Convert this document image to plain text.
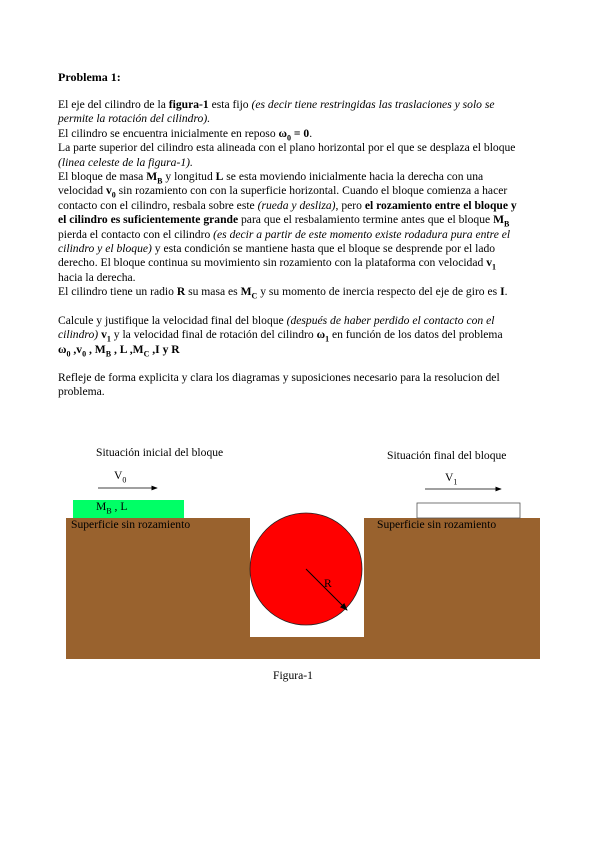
Problema 1:

El eje del cilindro de la figura-1 esta fijo (es decir tiene restringidas las traslaciones y solo se permite la rotación del cilindro).

El cilindro se encuentra inicialmente en reposo $\omega_0 = 0$.

La parte superior del cilindro esta alineada con el plano horizontal por el que se desplaza el bloque (linea celeste de la figura-1).

El bloque de masa $M_B$ y longitud L se esta moviendo inicialmente hacia la derecha con una velocidad $v_0$ sin rozamiento con con la superficie horizontal. Cuando el bloque comienza a hacer contacto con el cilindro, resbala sobre este (rueda y desliza), pero el rozamiento entre el bloque y el cilindro es suficientemente grande para que el resbalamiento termine antes que el bloque $M_B$ pierda el contacto con el cilindro (es decir a partir de este momento existe rodadura pura entre el cilindro y el bloque) y esta condición se mantiene hasta que el bloque se desprende por el lado derecho. El bloque continua su movimiento sin rozamiento con la plataforma con velocidad $v_1$ hacia la derecha.

El cilindro tiene un radio R su masa es $M_C$ y su momento de inercia respecto del eje de giro es I.

Calcule y justifique la velocidad final del bloque (después de haber perdido el contacto con el cilindro) $v_1$ y la velocidad final de rotación del cilindro $\omega_1$ en función de los datos del problema
$\omega_0$ $,v_0$ , $M_B$ , L $,M_C$ ,I y R

Refleje de forma explicita y clara los diagramas y suposiciones necesario para la resolucion del problema.

Situación inicial del bloque	Situación final del bloque
$V_0$	$V_1$
$M_B$ , L
Superficie sin rozamiento	Superficie sin rozamiento
R
Figura-1
